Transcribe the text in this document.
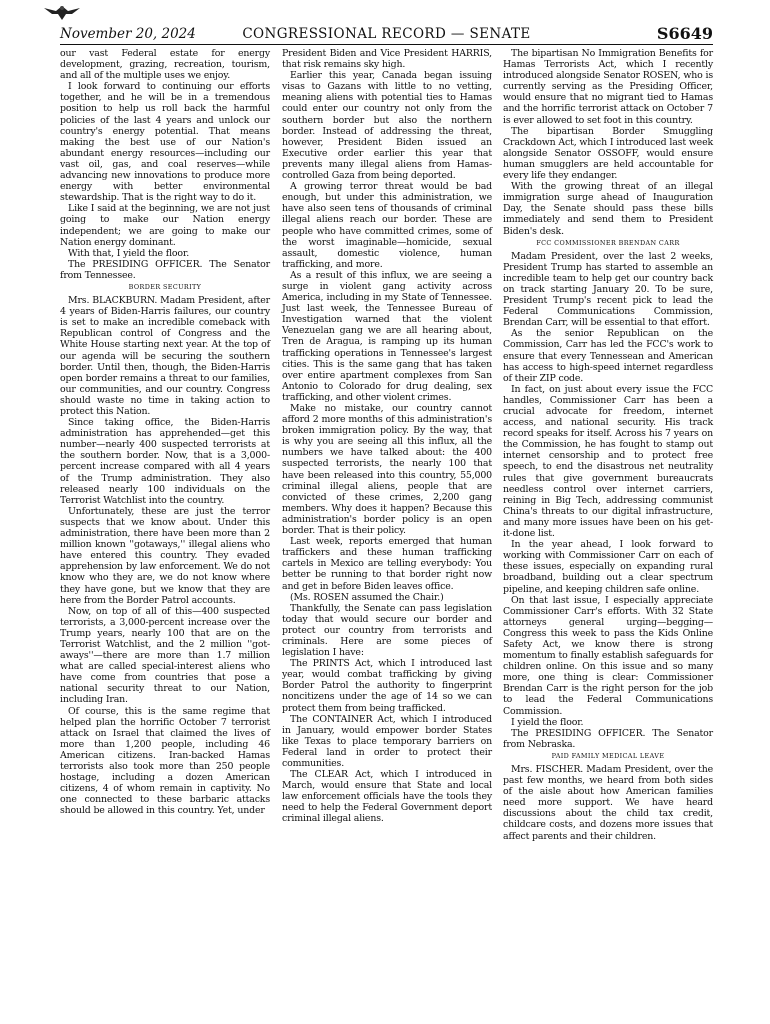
November 20, 2024	CONGRESSIONAL RECORD — SENATE	S6649

our vast Federal estate for energy development, grazing, recreation, tourism, and all of the multiple uses we enjoy.

I look forward to continuing our efforts together, and he will be in a tremendous position to help us roll back the harmful policies of the last 4 years and unlock our country's energy potential. That means making the best use of our Nation's abundant energy resources—including our vast oil, gas, and coal reserves—while advancing new innovations to produce more energy with better environmental stewardship. That is the right way to do it.

Like I said at the beginning, we are not just going to make our Nation energy independent; we are going to make our Nation energy dominant.

With that, I yield the floor.

The PRESIDING OFFICER. The Senator from Tennessee.

BORDER SECURITY

Mrs. BLACKBURN. Madam President, after 4 years of Biden-Harris failures, our country is set to make an incredible comeback with Republican control of Congress and the White House starting next year. At the top of our agenda will be securing the southern border. Until then, though, the Biden-Harris open border remains a threat to our families, our communities, and our country. Congress should waste no time in taking action to protect this Nation.

Since taking office, the Biden-Harris administration has apprehended—get this number—nearly 400 suspected terrorists at the southern border. Now, that is a 3,000-percent increase compared with all 4 years of the Trump administration. They also released nearly 100 individuals on the Terrorist Watchlist into the country.

Unfortunately, these are just the terror suspects that we know about. Under this administration, there have been more than 2 million known ''gotaways,'' illegal aliens who have entered this country. They evaded apprehension by law enforcement. We do not know who they are, we do not know where they have gone, but we know that they are here from the Border Patrol accounts.

Now, on top of all of this—400 suspected terrorists, a 3,000-percent increase over the Trump years, nearly 100 that are on the Terrorist Watchlist, and the 2 million ''got-aways''—there are more than 1.7 million what are called special-interest aliens who have come from countries that pose a national security threat to our Nation, including Iran.

Of course, this is the same regime that helped plan the horrific October 7 terrorist attack on Israel that claimed the lives of more than 1,200 people, including 46 American citizens. Iran-backed Hamas terrorists also took more than 250 people hostage, including a dozen American citizens, 4 of whom remain in captivity. No one connected to these barbaric attacks should be allowed in this country. Yet, under

President Biden and Vice President HARRIS, that risk remains sky high.

Earlier this year, Canada began issuing visas to Gazans with little to no vetting, meaning aliens with potential ties to Hamas could enter our country not only from the southern border but also the northern border. Instead of addressing the threat, however, President Biden issued an Executive order earlier this year that prevents many illegal aliens from Hamas-controlled Gaza from being deported.

A growing terror threat would be bad enough, but under this administration, we have also seen tens of thousands of criminal illegal aliens reach our border. These are people who have committed crimes, some of the worst imaginable—homicide, sexual assault, domestic violence, human trafficking, and more.

As a result of this influx, we are seeing a surge in violent gang activity across America, including in my State of Tennessee. Just last week, the Tennessee Bureau of Investigation warned that the violent Venezuelan gang we are all hearing about, Tren de Aragua, is ramping up its human trafficking operations in Tennessee's largest cities. This is the same gang that has taken over entire apartment complexes from San Antonio to Colorado for drug dealing, sex trafficking, and other violent crimes.

Make no mistake, our country cannot afford 2 more months of this administration's broken immigration policy. By the way, that is why you are seeing all this influx, all the numbers we have talked about: the 400 suspected terrorists, the nearly 100 that have been released into this country, 55,000 criminal illegal aliens, people that are convicted of these crimes, 2,200 gang members. Why does it happen? Because this administration's border policy is an open border. That is their policy.

Last week, reports emerged that human traffickers and these human trafficking cartels in Mexico are telling everybody: You better be running to that border right now and get in before Biden leaves office.

(Ms. ROSEN assumed the Chair.)

Thankfully, the Senate can pass legislation today that would secure our border and protect our country from terrorists and criminals. Here are some pieces of legislation I have:

The PRINTS Act, which I introduced last year, would combat trafficking by giving Border Patrol the authority to fingerprint noncitizens under the age of 14 so we can protect them from being trafficked.

The CONTAINER Act, which I introduced in January, would empower border States like Texas to place temporary barriers on Federal land in order to protect their communities.

The CLEAR Act, which I introduced in March, would ensure that State and local law enforcement officials have the tools they need to help the Federal Government deport criminal illegal aliens.

The bipartisan No Immigration Benefits for Hamas Terrorists Act, which I recently introduced alongside Senator ROSEN, who is currently serving as the Presiding Officer, would ensure that no migrant tied to Hamas and the horrific terrorist attack on October 7 is ever allowed to set foot in this country.

The bipartisan Border Smuggling Crackdown Act, which I introduced last week alongside Senator OSSOFF, would ensure human smugglers are held accountable for every life they endanger.

With the growing threat of an illegal immigration surge ahead of Inauguration Day, the Senate should pass these bills immediately and send them to President Biden's desk.

FCC COMMISSIONER BRENDAN CARR

Madam President, over the last 2 weeks, President Trump has started to assemble an incredible team to help get our country back on track starting January 20. To be sure, President Trump's recent pick to lead the Federal Communications Commission, Brendan Carr, will be essential to that effort.

As the senior Republican on the Commission, Carr has led the FCC's work to ensure that every Tennessean and American has access to high-speed internet regardless of their ZIP code.

In fact, on just about every issue the FCC handles, Commissioner Carr has been a crucial advocate for freedom, internet access, and national security. His track record speaks for itself. Across his 7 years on the Commission, he has fought to stamp out internet censorship and to protect free speech, to end the disastrous net neutrality rules that give government bureaucrats needless control over internet carriers, reining in Big Tech, addressing communist China's threats to our digital infrastructure, and many more issues have been on his get-it-done list.

In the year ahead, I look forward to working with Commissioner Carr on each of these issues, especially on expanding rural broadband, building out a clear spectrum pipeline, and keeping children safe online.

On that last issue, I especially appreciate Commissioner Carr's efforts. With 32 State attorneys general urging—begging—Congress this week to pass the Kids Online Safety Act, we know there is strong momentum to finally establish safeguards for children online. On this issue and so many more, one thing is clear: Commissioner Brendan Carr is the right person for the job to lead the Federal Communications Commission.

I yield the floor.

The PRESIDING OFFICER. The Senator from Nebraska.

PAID FAMILY MEDICAL LEAVE

Mrs. FISCHER. Madam President, over the past few months, we heard from both sides of the aisle about how American families need more support. We have heard discussions about the child tax credit, childcare costs, and dozens more issues that affect parents and their children.
